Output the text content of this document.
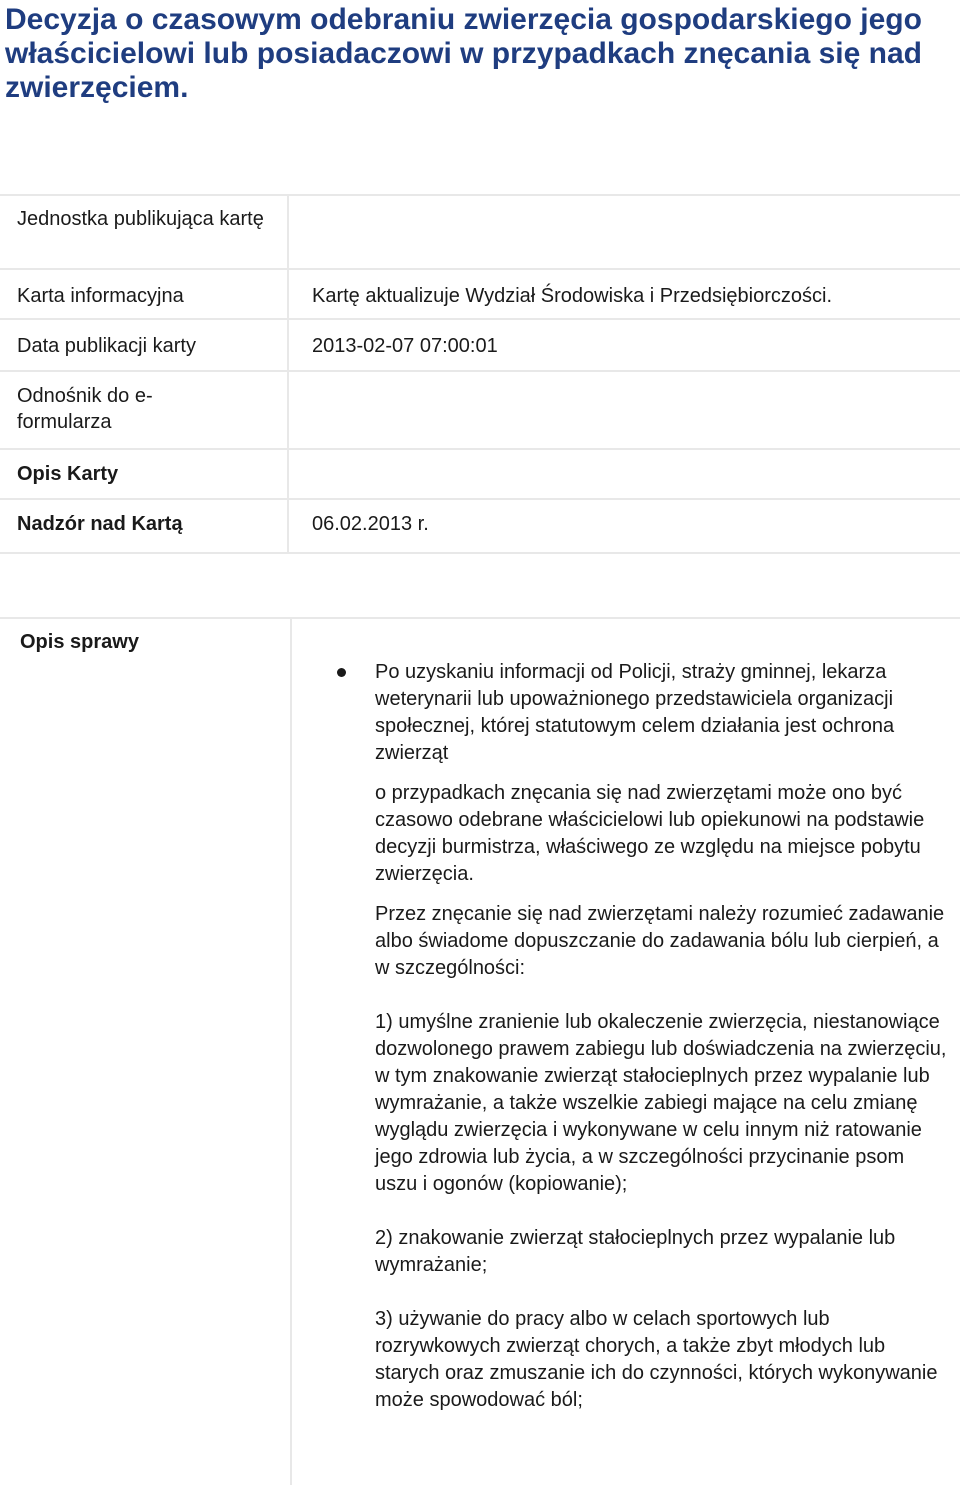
Decyzja o czasowym odebraniu zwierzęcia gospodarskiego jego właścicielowi lub posiadaczowi w przypadkach znęcania się nad zwierzęciem.
Jednostka publikująca kartę	
Karta informacyjna	Kartę aktualizuje Wydział Środowiska i Przedsiębiorczości.
Data publikacji karty	2013-02-07 07:00:01
Odnośnik do e-formularza	
Opis Karty	
Nadzór nad Kartą	06.02.2013 r.
Opis sprawy

Po uzyskaniu informacji od Policji, straży gminnej, lekarza weterynarii lub upoważnionego przedstawiciela organizacji społecznej, której statutowym celem działania jest ochrona zwierząt

o przypadkach znęcania się nad zwierzętami może ono być czasowo odebrane właścicielowi lub opiekunowi na podstawie decyzji burmistrza, właściwego ze względu na miejsce pobytu zwierzęcia.

Przez znęcanie się nad zwierzętami należy rozumieć zadawanie albo świadome dopuszczanie do zadawania bólu lub cierpień, a w szczególności:

1) umyślne zranienie lub okaleczenie zwierzęcia, niestanowiące dozwolonego prawem zabiegu lub doświadczenia na zwierzęciu, w tym znakowanie zwierząt stałocieplnych przez wypalanie lub wymrażanie, a także wszelkie zabiegi mające na celu zmianę wyglądu zwierzęcia i wykonywane w celu innym niż ratowanie jego zdrowia lub życia, a w szczególności przycinanie psom uszu i ogonów (kopiowanie);

2) znakowanie zwierząt stałocieplnych przez wypalanie lub wymrażanie;

3) używanie do pracy albo w celach sportowych lub rozrywkowych zwierząt chorych, a także zbyt młodych lub starych oraz zmuszanie ich do czynności, których wykonywanie może spowodować ból;
